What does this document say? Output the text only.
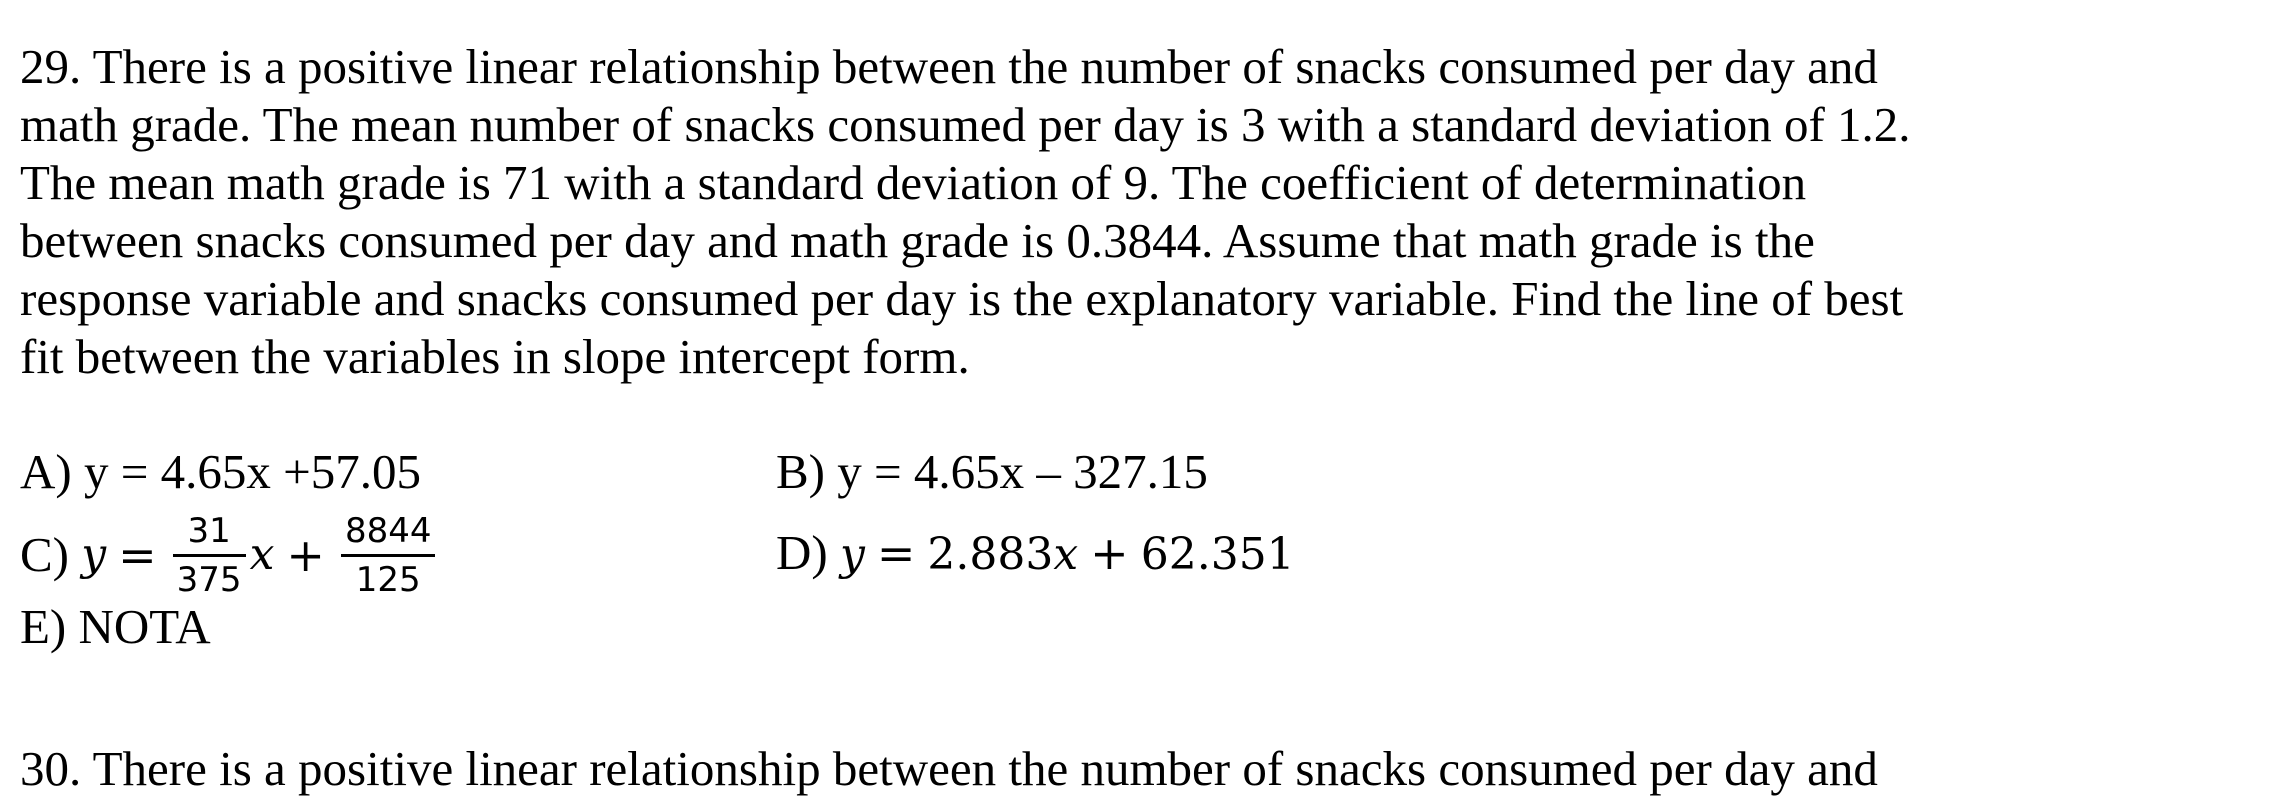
29. There is a positive linear relationship between the number of snacks consumed per day and
math grade. The mean number of snacks consumed per day is 3 with a standard deviation of 1.2.
The mean math grade is 71 with a standard deviation of 9. The coefficient of determination
between snacks consumed per day and math grade is 0.3844. Assume that math grade is the
response variable and snacks consumed per day is the explanatory variable. Find the line of best
fit between the variables in slope intercept form.
A) y = 4.65x +57.05	B) y = 4.65x – 327.15
C) $y = \frac{31}{375}$ $x + \frac{8844}{125}$	D) y = 2.883x + 62.351
E) NOTA
30. There is a positive linear relationship between the number of snacks consumed per day and
